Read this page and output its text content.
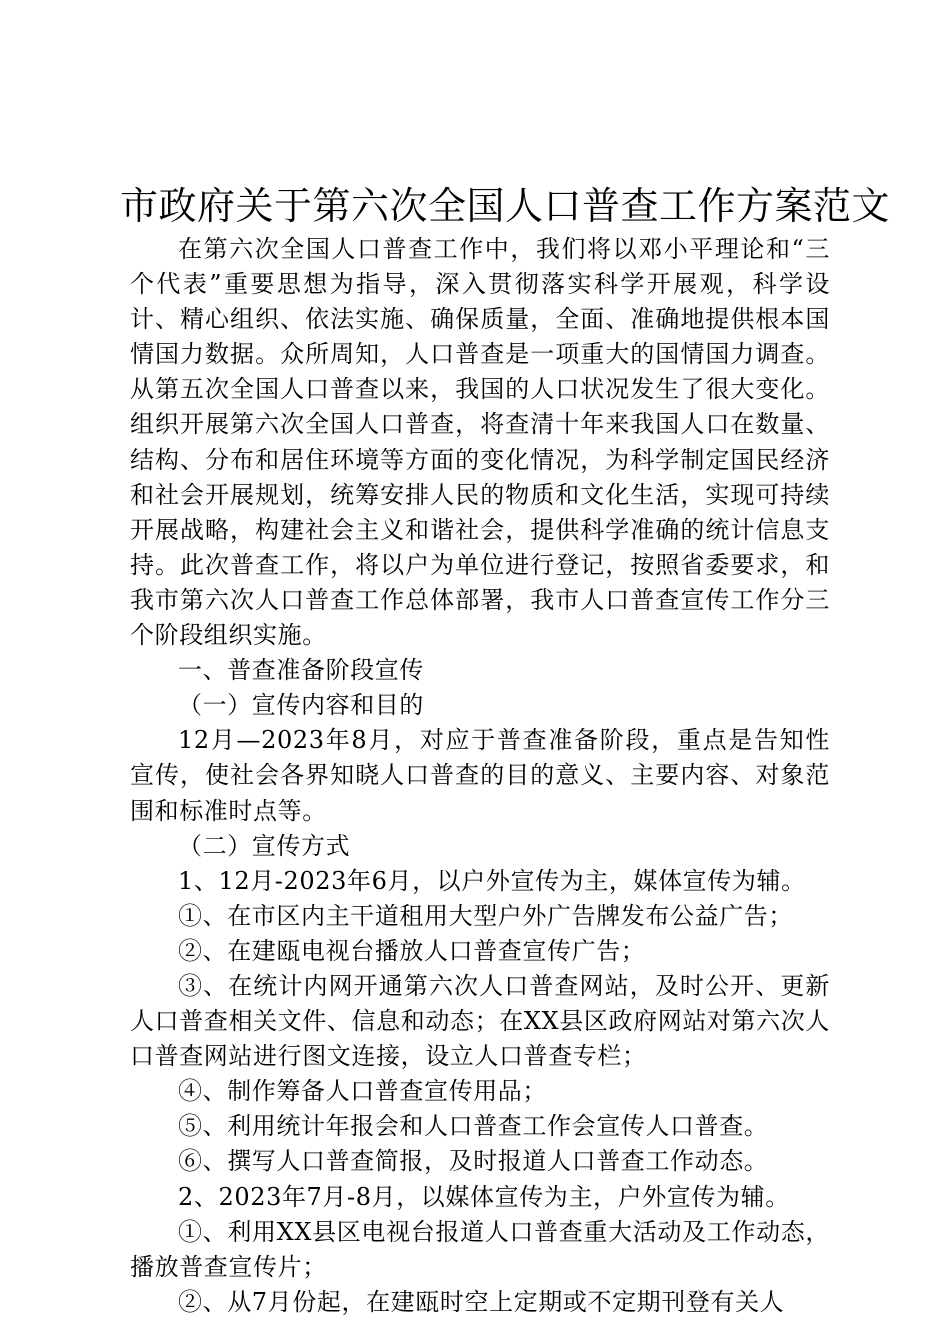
市政府关于第六次全国人口普查工作方案范文

在第六次全国人口普查工作中，我们将以邓小平理论和“三个代表”重要思想为指导，深入贯彻落实科学开展观，科学设计、精心组织、依法实施、确保质量，全面、准确地提供根本国情国力数据。众所周知，人口普查是一项重大的国情国力调查。从第五次全国人口普查以来，我国的人口状况发生了很大变化。组织开展第六次全国人口普查，将查清十年来我国人口在数量、结构、分布和居住环境等方面的变化情况，为科学制定国民经济和社会开展规划，统筹安排人民的物质和文化生活，实现可持续开展战略，构建社会主义和谐社会，提供科学准确的统计信息支持。此次普查工作，将以户为单位进行登记，按照省委要求，和我市第六次人口普查工作总体部署，我市人口普查宣传工作分三个阶段组织实施。

一、普查准备阶段宣传

（一）宣传内容和目的

12月—2023年8月，对应于普查准备阶段，重点是告知性宣传，使社会各界知晓人口普查的目的意义、主要内容、对象范围和标准时点等。

（二）宣传方式

1、12月-2023年6月，以户外宣传为主，媒体宣传为辅。

①、在市区内主干道租用大型户外广告牌发布公益广告；

②、在建瓯电视台播放人口普查宣传广告；

③、在统计内网开通第六次人口普查网站，及时公开、更新人口普查相关文件、信息和动态；在XX县区政府网站对第六次人口普查网站进行图文连接，设立人口普查专栏；

④、制作筹备人口普查宣传用品；

⑤、利用统计年报会和人口普查工作会宣传人口普查。

⑥、撰写人口普查简报，及时报道人口普查工作动态。

2、2023年7月-8月，以媒体宣传为主，户外宣传为辅。

①、利用XX县区电视台报道人口普查重大活动及工作动态，播放普查宣传片；

②、从7月份起，在建瓯时空上定期或不定期刊登有关人
